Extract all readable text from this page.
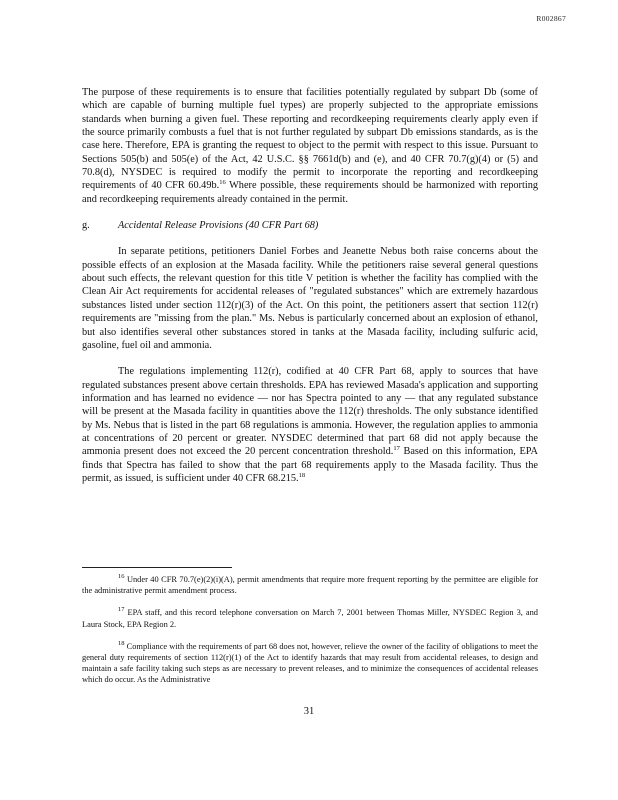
R002867

The purpose of these requirements is to ensure that facilities potentially regulated by subpart Db (some of which are capable of burning multiple fuel types) are properly subjected to the appropriate emissions standards when burning a given fuel. These reporting and recordkeeping requirements clearly apply even if the source primarily combusts a fuel that is not further regulated by subpart Db emissions standards, as is the case here. Therefore, EPA is granting the request to object to the permit with respect to this issue. Pursuant to Sections 505(b) and 505(e) of the Act, 42 U.S.C. §§ 7661d(b) and (e), and 40 CFR 70.7(g)(4) or (5) and 70.8(d), NYSDEC is required to modify the permit to incorporate the reporting and recordkeeping requirements of 40 CFR 60.49b.$^{16}$ Where possible, these requirements should be harmonized with reporting and recordkeeping requirements already contained in the permit.

g.	Accidental Release Provisions (40 CFR Part 68)

In separate petitions, petitioners Daniel Forbes and Jeanette Nebus both raise concerns about the possible effects of an explosion at the Masada facility. While the petitioners raise several general questions about such effects, the relevant question for this title V petition is whether the facility has complied with the Clean Air Act requirements for accidental releases of "regulated substances" which are extremely hazardous substances listed under section 112(r)(3) of the Act. On this point, the petitioners assert that section 112(r) requirements are "missing from the plan." Ms. Nebus is particularly concerned about an explosion of ethanol, but also identifies several other substances stored in tanks at the Masada facility, including sulfuric acid, gasoline, fuel oil and ammonia.

The regulations implementing 112(r), codified at 40 CFR Part 68, apply to sources that have regulated substances present above certain thresholds. EPA has reviewed Masada's application and supporting information and has learned no evidence — nor has Spectra pointed to any — that any regulated substance will be present at the Masada facility in quantities above the 112(r) thresholds. The only substance identified by Ms. Nebus that is listed in the part 68 regulations is ammonia. However, the regulation applies to ammonia at concentrations of 20 percent or greater. NYSDEC determined that part 68 did not apply because the ammonia present does not exceed the 20 percent concentration threshold.$^{17}$ Based on this information, EPA finds that Spectra has failed to show that the part 68 requirements apply to the Masada facility. Thus the permit, as issued, is sufficient under 40 CFR 68.215.18

$^{16}$ Under 40 CFR 70.7(e)(2)(i)(A), permit amendments that require more frequent reporting by the permittee are eligible for the administrative permit amendment process.

$^{17}$ EPA staff, and this record telephone conversation on March 7, 2001 between Thomas Miller, NYSDEC Region 3, and Laura Stock, EPA Region 2.

$^{18}$ Compliance with the requirements of part 68 does not, however, relieve the owner of the facility of obligations to meet the general duty requirements of section 112(r)(1) of the Act to identify hazards that may result from accidental releases, to design and maintain a safe facility taking such steps as are necessary to prevent releases, and to minimize the consequences of accidental releases which do occur. As the Administrative

31
